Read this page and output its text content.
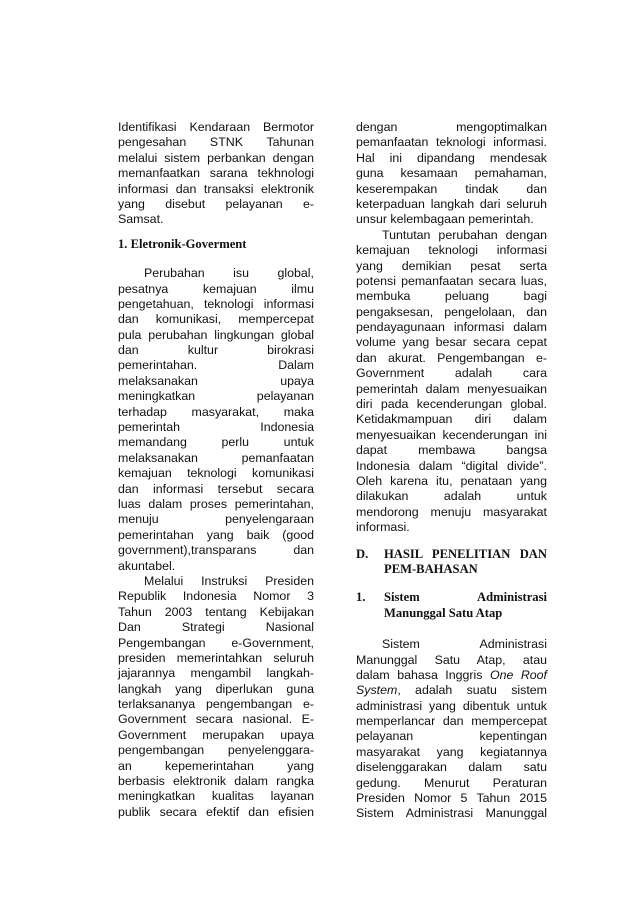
Identifikasi Kendaraan Bermotor
pengesahan STNK Tahunan
melalui sistem perbankan dengan
memanfaatkan sarana tekhnologi
informasi dan transaksi elektronik
yang disebut pelayanan e-
Samsat.
1. Eletronik-Goverment
Perubahan isu global,
pesatnya kemajuan ilmu
pengetahuan, teknologi informasi
dan komunikasi, mempercepat
pula perubahan lingkungan global
dan kultur birokrasi
pemerintahan. Dalam
melaksanakan upaya
meningkatkan pelayanan
terhadap masyarakat, maka
pemerintah Indonesia
memandang perlu untuk
melaksanakan pemanfaatan
kemajuan teknologi komunikasi
dan informasi tersebut secara
luas dalam proses pemerintahan,
menuju penyelengaraan
pemerintahan yang baik (good
government),transparans dan
akuntabel.
Melalui Instruksi Presiden
Republik Indonesia Nomor 3
Tahun 2003 tentang Kebijakan
Dan Strategi Nasional
Pengembangan e-Government,
presiden memerintahkan seluruh
jajarannya mengambil langkah-
langkah yang diperlukan guna
terlaksananya pengembangan e-
Government secara nasional. E-
Government merupakan upaya
pengembangan penyelenggara-
an kepemerintahan yang
berbasis elektronik dalam rangka
meningkatkan kualitas layanan
publik secara efektif dan efisien
dengan mengoptimalkan
pemanfaatan teknologi informasi.
Hal ini dipandang mendesak
guna kesamaan pemahaman,
keserempakan tindak dan
keterpaduan langkah dari seluruh
unsur kelembagaan pemerintah.
Tuntutan perubahan dengan
kemajuan teknologi informasi
yang demikian pesat serta
potensi pemanfaatan secara luas,
membuka peluang bagi
pengaksesan, pengelolaan, dan
pendayagunaan informasi dalam
volume yang besar secara cepat
dan akurat. Pengembangan e-
Government adalah cara
pemerintah dalam menyesuaikan
diri pada kecenderungan global.
Ketidakmampuan diri dalam
menyesuaikan kecenderungan ini
dapat membawa bangsa
Indonesia dalam “digital divide”.
Oleh karena itu, penataan yang
dilakukan adalah untuk
mendorong menuju masyarakat
informasi.
D.	HASIL PENELITIAN DAN
PEM-BAHASAN
1.	Sistem Administrasi
Manunggal Satu Atap
Sistem Administrasi
Manunggal Satu Atap, atau
dalam bahasa Inggris One Roof
System, adalah suatu sistem
administrasi yang dibentuk untuk
memperlancar dan mempercepat
pelayanan kepentingan
masyarakat yang kegiatannya
diselenggarakan dalam satu
gedung. Menurut Peraturan
Presiden Nomor 5 Tahun 2015
Sistem Administrasi Manunggal
